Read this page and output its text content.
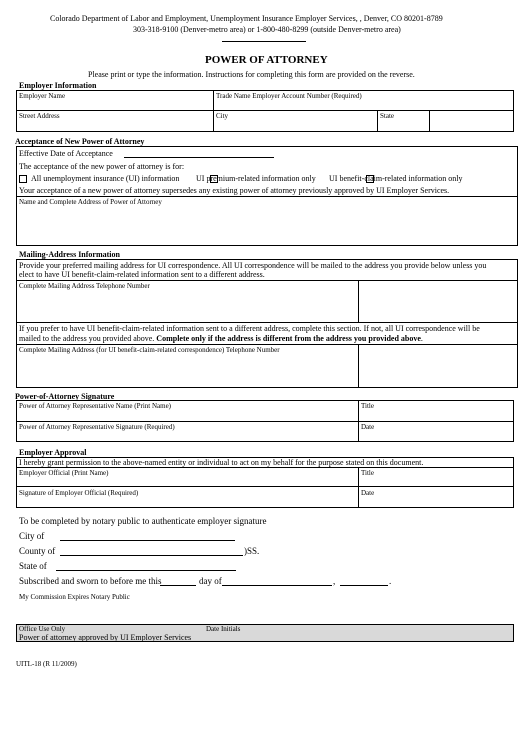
Colorado Department of Labor and Employment, Unemployment Insurance Employer Services, , Denver, CO 80201-8789
303-318-9100 (Denver-metro area) or 1-800-480-8299 (outside Denver-metro area)
POWER OF ATTORNEY
Please print or type the information. Instructions for completing this form are provided on the reverse.
Employer Information
Employer Name	Trade Name Employer Account Number (Required)
Street Address	City	State
Acceptance of New Power of Attorney
Effective Date of Acceptance
The acceptance of the new power of attorney is for:
All unemployment insurance (UI) information UI premium-related information only UI benefit-claim-related information only
Your acceptance of a new power of attorney supersedes any existing power of attorney previously approved by UI Employer Services.
Name and Complete Address of Power of Attorney
Mailing-Address Information
Provide your preferred mailing address for UI correspondence. All UI correspondence will be mailed to the address you provide below unless you
elect to have UI benefit-claim-related information sent to a different address.
Complete Mailing Address Telephone Number
If you prefer to have UI benefit-claim-related information sent to a different address, complete this section. If not, all UI correspondence will be
mailed to the address you provided above. Complete only if the address is different from the address you provided above.
Complete Mailing Address (for UI benefit-claim-related correspondence) Telephone Number
Power-of-Attorney Signature
Power of Attorney Representative Name (Print Name)	Title
Power of Attorney Representative Signature (Required)	Date
Employer Approval
I hereby grant permission to the above-named entity or individual to act on my behalf for the purpose stated on this document.
Employer Official (Print Name)	Title
Signature of Employer Official (Required)	Date
To be completed by notary public to authenticate employer signature
City of
County of	)SS.
State of
Subscribed and sworn to before me this	day of	,	.
My Commission Expires Notary Public
Office Use Only	Date Initials
Power of attorney approved by UI Employer Services
UITL-18 (R 11/2009)
